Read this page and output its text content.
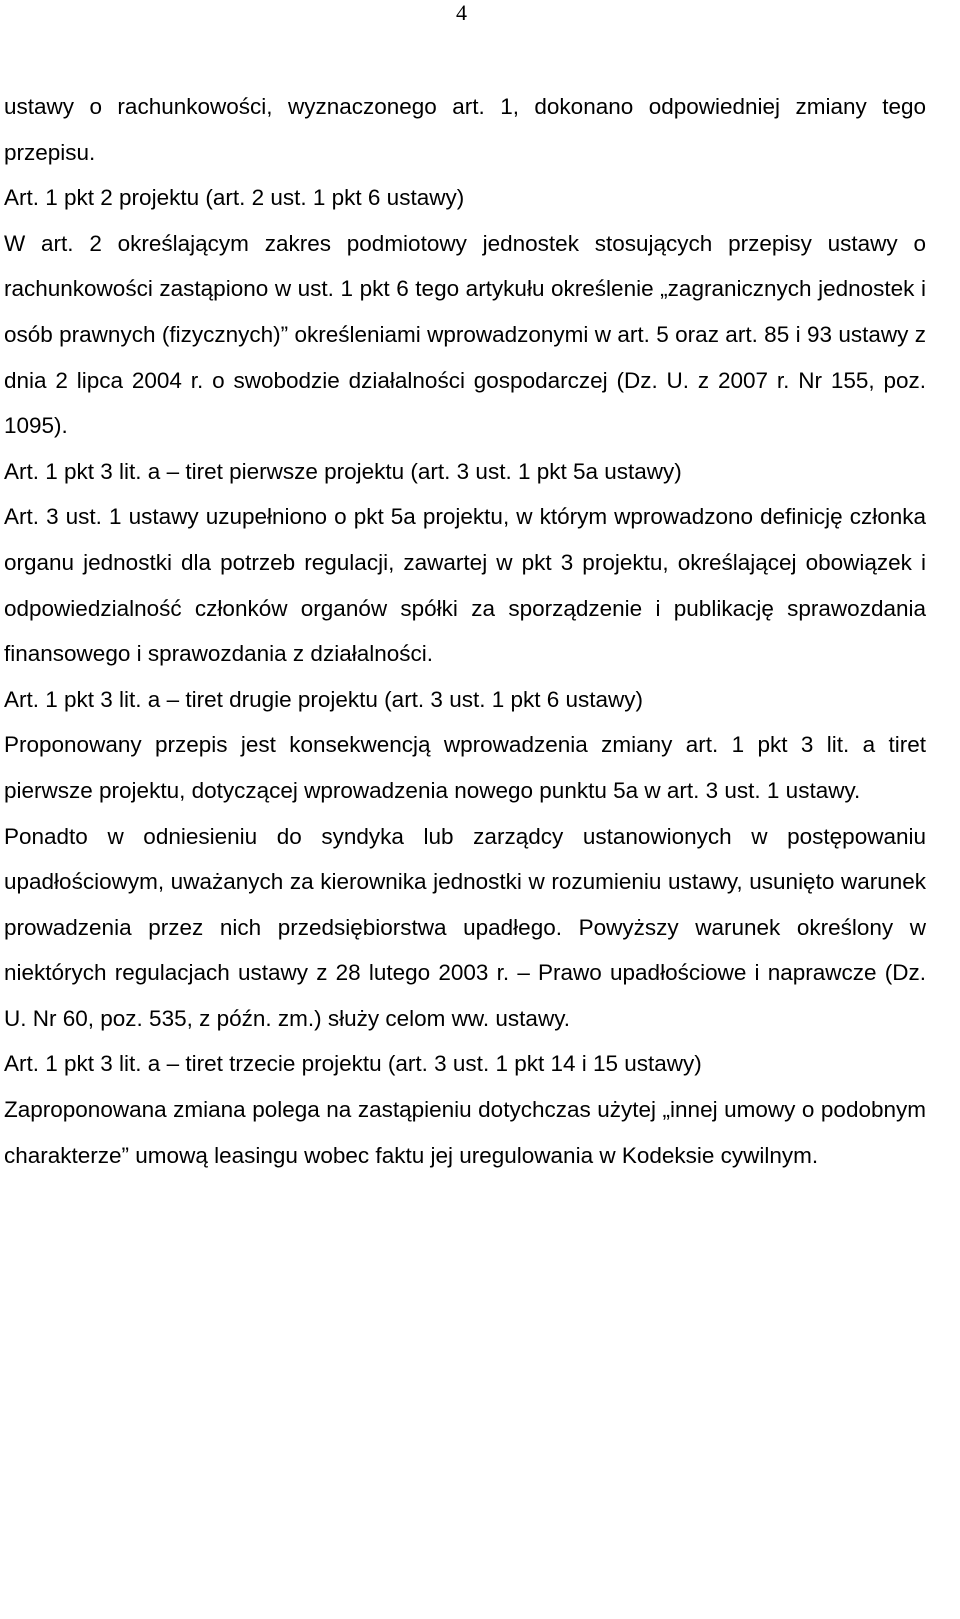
4

ustawy o rachunkowości, wyznaczonego art. 1, dokonano odpowiedniej zmiany tego przepisu.

Art. 1 pkt 2 projektu (art. 2 ust. 1 pkt 6 ustawy)

W art. 2 określającym zakres podmiotowy jednostek stosujących przepisy ustawy o rachunkowości zastąpiono w ust. 1 pkt 6 tego artykułu określenie „zagranicznych jednostek i osób prawnych (fizycznych)” określeniami wprowadzonymi w art. 5 oraz art. 85 i 93 ustawy z dnia 2 lipca 2004 r. o swobodzie działalności gospodarczej (Dz. U. z 2007 r. Nr 155, poz. 1095).

Art. 1 pkt 3 lit. a – tiret pierwsze projektu (art. 3 ust. 1 pkt 5a ustawy)

Art. 3 ust. 1 ustawy uzupełniono o pkt 5a projektu, w którym wprowadzono definicję członka organu jednostki dla potrzeb regulacji, zawartej w pkt 3 projektu, określającej obowiązek i odpowiedzialność członków organów spółki za sporządzenie i publikację sprawozdania finansowego i sprawozdania z działalności.

Art. 1 pkt 3 lit. a – tiret drugie projektu (art. 3 ust. 1 pkt 6 ustawy)

Proponowany przepis jest konsekwencją wprowadzenia zmiany art. 1 pkt 3 lit. a tiret pierwsze projektu, dotyczącej wprowadzenia nowego punktu 5a w art. 3 ust. 1 ustawy.

Ponadto w odniesieniu do syndyka lub zarządcy ustanowionych w postępowaniu upadłościowym, uważanych za kierownika jednostki w rozumieniu ustawy, usunięto warunek prowadzenia przez nich przedsiębiorstwa upadłego. Powyższy warunek określony w niektórych regulacjach ustawy z 28 lutego 2003 r. – Prawo upadłościowe i naprawcze (Dz. U. Nr 60, poz. 535, z późn. zm.) służy celom ww. ustawy.

Art. 1 pkt 3 lit. a – tiret trzecie projektu (art. 3 ust. 1 pkt 14 i 15 ustawy)

Zaproponowana zmiana polega na zastąpieniu dotychczas użytej „innej umowy o podobnym charakterze” umową leasingu wobec faktu jej uregulowania w Kodeksie cywilnym.
